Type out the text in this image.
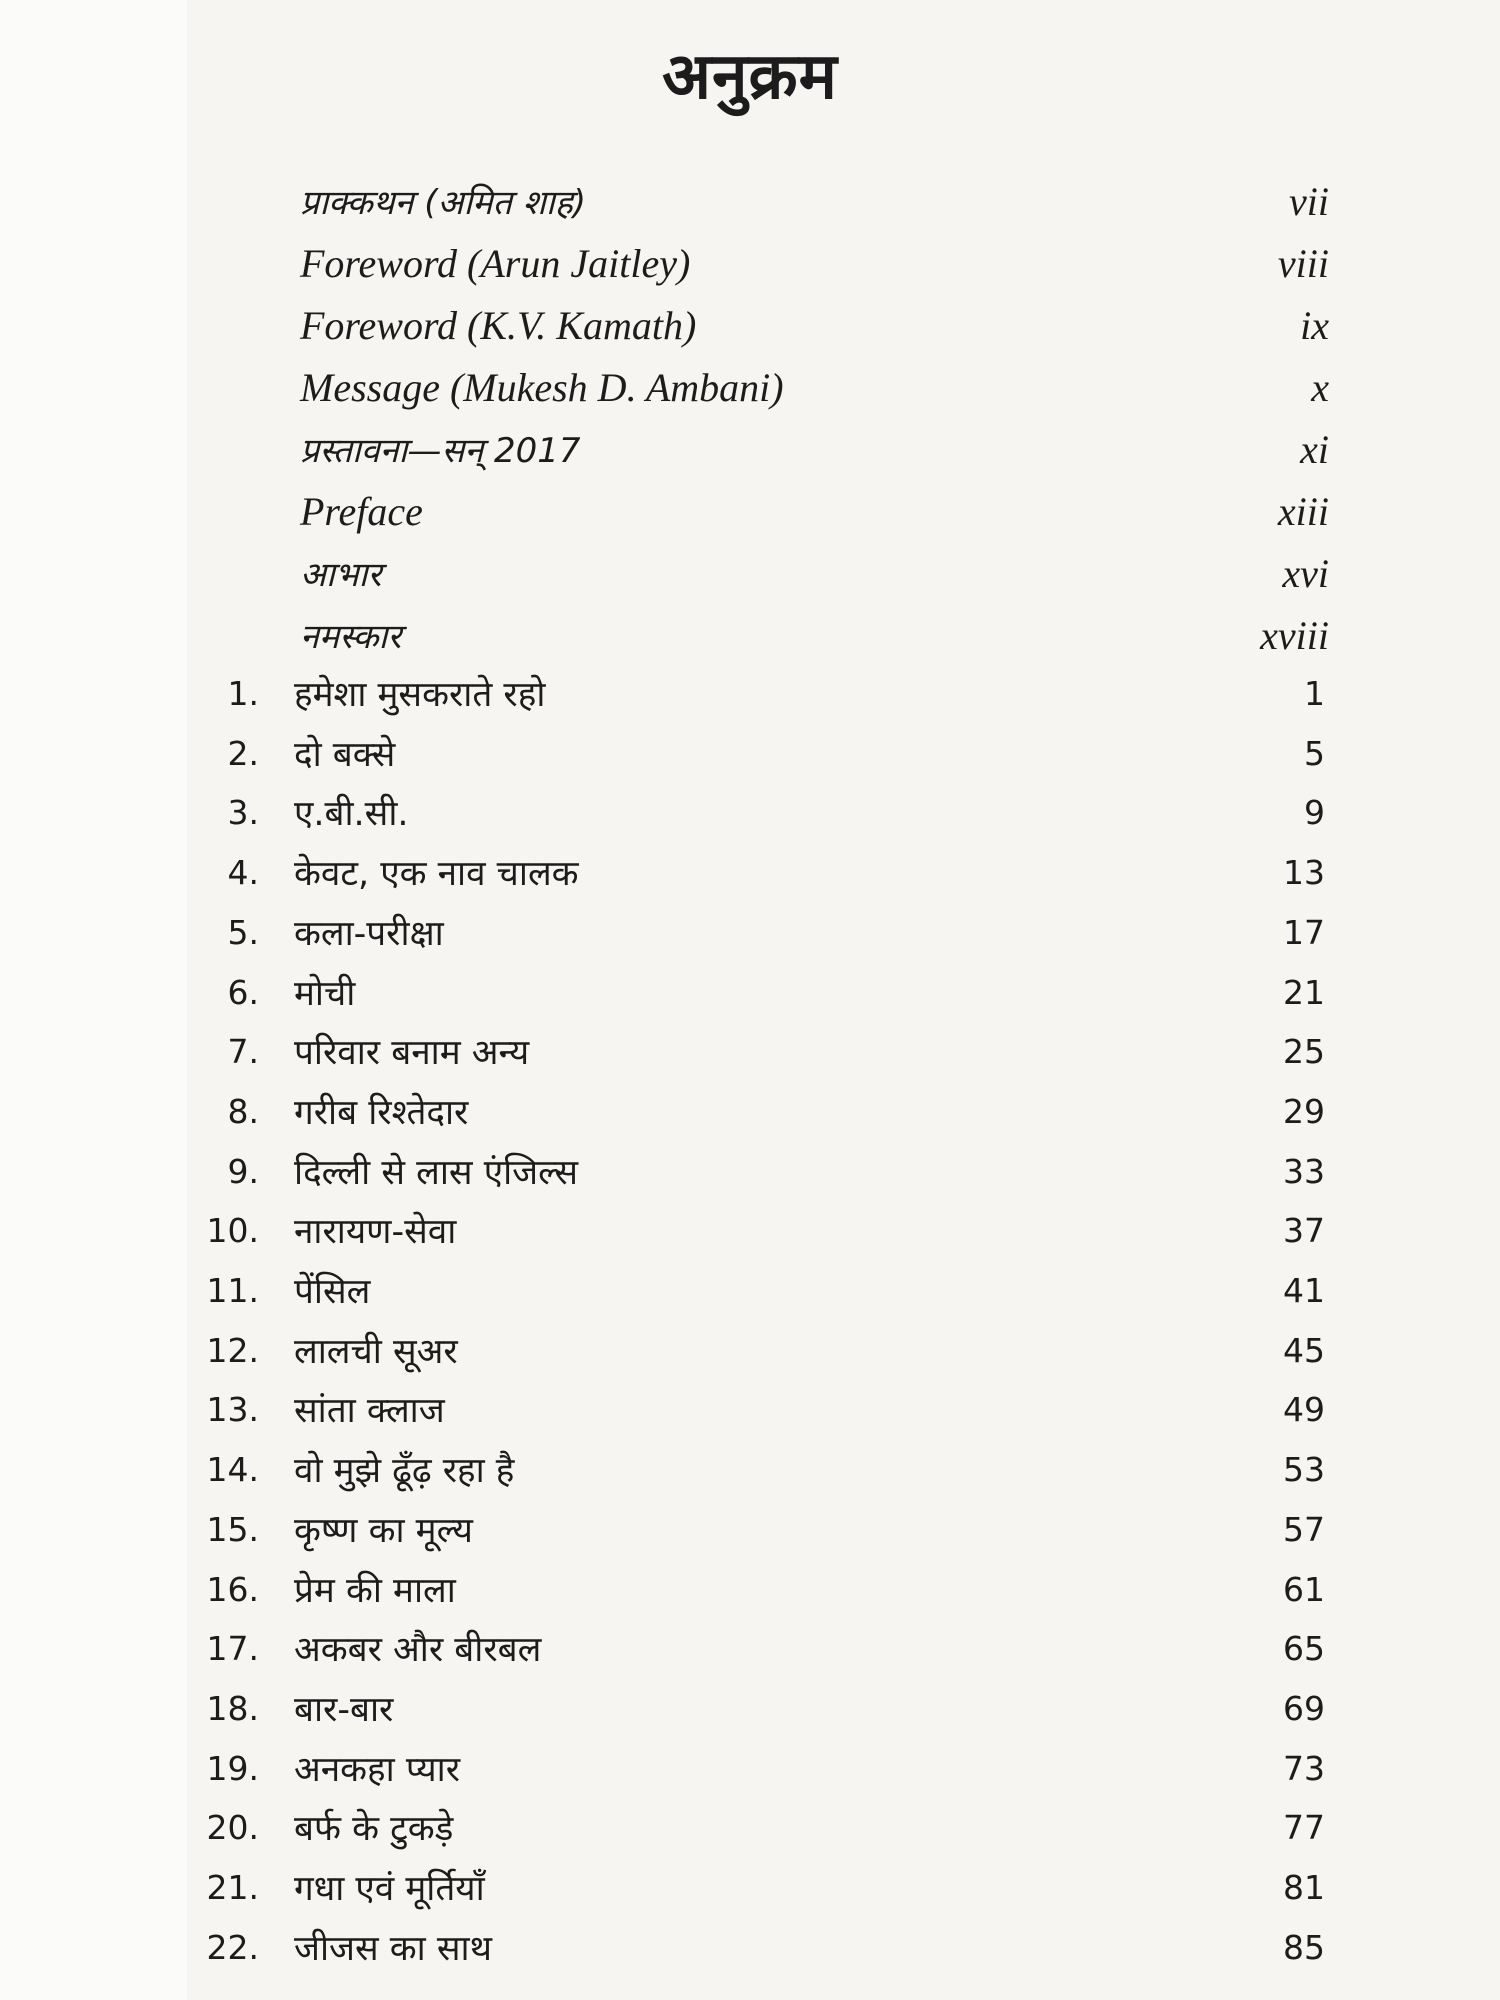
अनुक्रम
प्राक्कथन (अमित शाह)	vii
Foreword (Arun Jaitley)	viii
Foreword (K.V. Kamath)	ix
Message (Mukesh D. Ambani)	x
प्रस्तावना—सन् 2017	xi
Preface	xiii
आभार	xvi
नमस्कार	xviii
1. हमेशा मुसकराते रहो	1
2. दो बक्से	5
3. ए.बी.सी.	9
4. केवट, एक नाव चालक	13
5. कला-परीक्षा	17
6. मोची	21
7. परिवार बनाम अन्य	25
8. गरीब रिश्तेदार	29
9. दिल्ली से लास एंजिल्स	33
10. नारायण-सेवा	37
11. पेंसिल	41
12. लालची सूअर	45
13. सांता क्लाज	49
14. वो मुझे ढूँढ़ रहा है	53
15. कृष्ण का मूल्य	57
16. प्रेम की माला	61
17. अकबर और बीरबल	65
18. बार-बार	69
19. अनकहा प्यार	73
20. बर्फ के टुकड़े	77
21. गधा एवं मूर्तियाँ	81
22. जीजस का साथ	85
